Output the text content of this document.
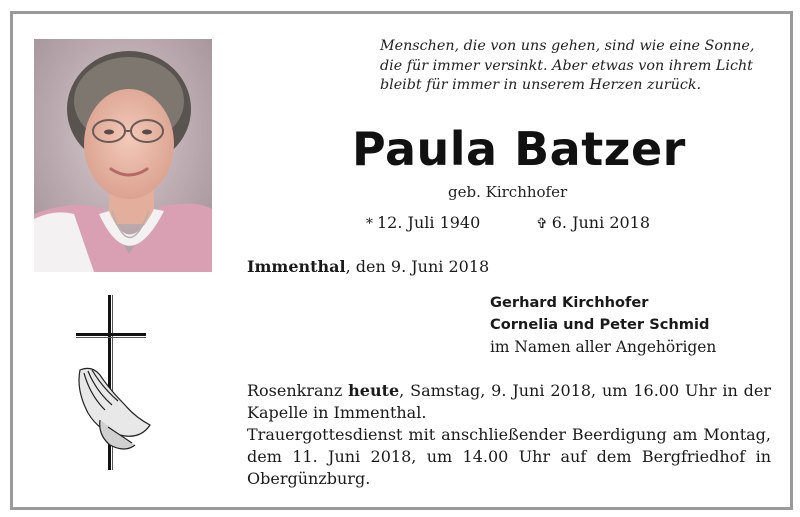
Menschen, die von uns gehen, sind wie eine Sonne,
die für immer versinkt. Aber etwas von ihrem Licht
bleibt für immer in unserem Herzen zurück.
Paula Batzer
geb. Kirchhofer
* 12. Juli 1940	✞ 6. Juni 2018
Immenthal, den 9. Juni 2018
Gerhard Kirchhofer
Cornelia und Peter Schmid
im Namen aller Angehörigen
Rosenkranz heute, Samstag, 9. Juni 2018, um 16.00 Uhr in der Kapelle in Immenthal.
Trauergottesdienst mit anschließender Beerdigung am Montag, dem 11. Juni 2018, um 14.00 Uhr auf dem Bergfriedhof in Obergünzburg.
